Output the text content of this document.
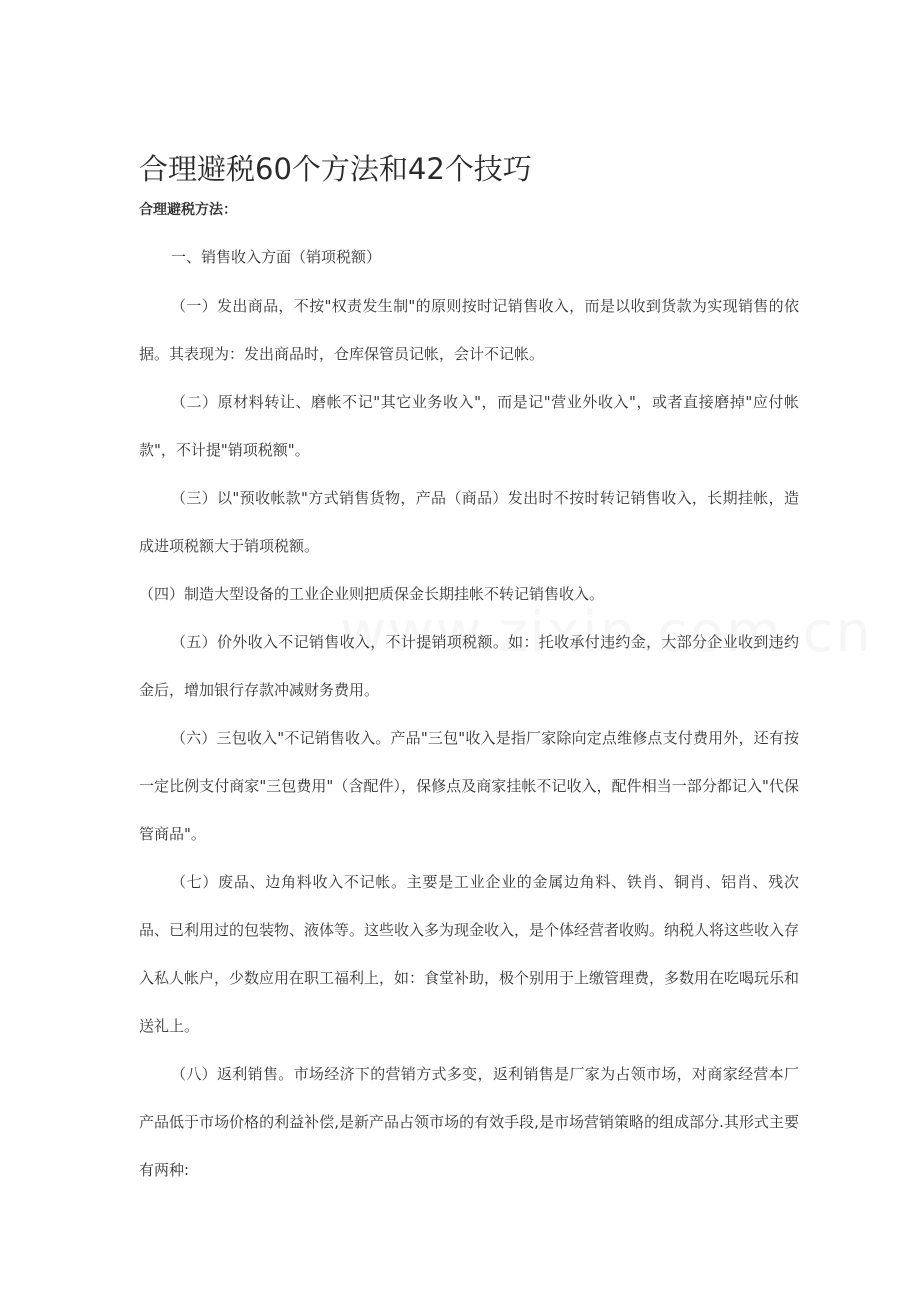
合理避税60个方法和42个技巧
合理避税方法：
一、销售收入方面（销项税额）

（一）发出商品，不按"权责发生制"的原则按时记销售收入，而是以收到货款为实现销售的依据。其表现为：发出商品时，仓库保管员记帐，会计不记帐。

（二）原材料转让、磨帐不记"其它业务收入"，而是记"营业外收入"，或者直接磨掉"应付帐款"，不计提"销项税额"。

（三）以"预收帐款"方式销售货物，产品（商品）发出时不按时转记销售收入，长期挂帐，造成进项税额大于销项税额。

（四）制造大型设备的工业企业则把质保金长期挂帐不转记销售收入。

（五）价外收入不记销售收入，不计提销项税额。如：托收承付违约金，大部分企业收到违约金后，增加银行存款冲减财务费用。

（六）三包收入"不记销售收入。产品"三包"收入是指厂家除向定点维修点支付费用外，还有按一定比例支付商家"三包费用"（含配件），保修点及商家挂帐不记收入，配件相当一部分都记入"代保管商品"。

（七）废品、边角料收入不记帐。主要是工业企业的金属边角料、铁肖、铜肖、铝肖、残次品、已利用过的包装物、液体等。这些收入多为现金收入，是个体经营者收购。纳税人将这些收入存入私人帐户，少数应用在职工福利上，如：食堂补助，极个别用于上缴管理费，多数用在吃喝玩乐和送礼上。

（八）返利销售。市场经济下的营销方式多变，返利销售是厂家为占领市场，对商家经营本厂产品低于市场价格的利益补偿,是新产品占领市场的有效手段,是市场营销策略的组成部分.其形式主要有两种:
